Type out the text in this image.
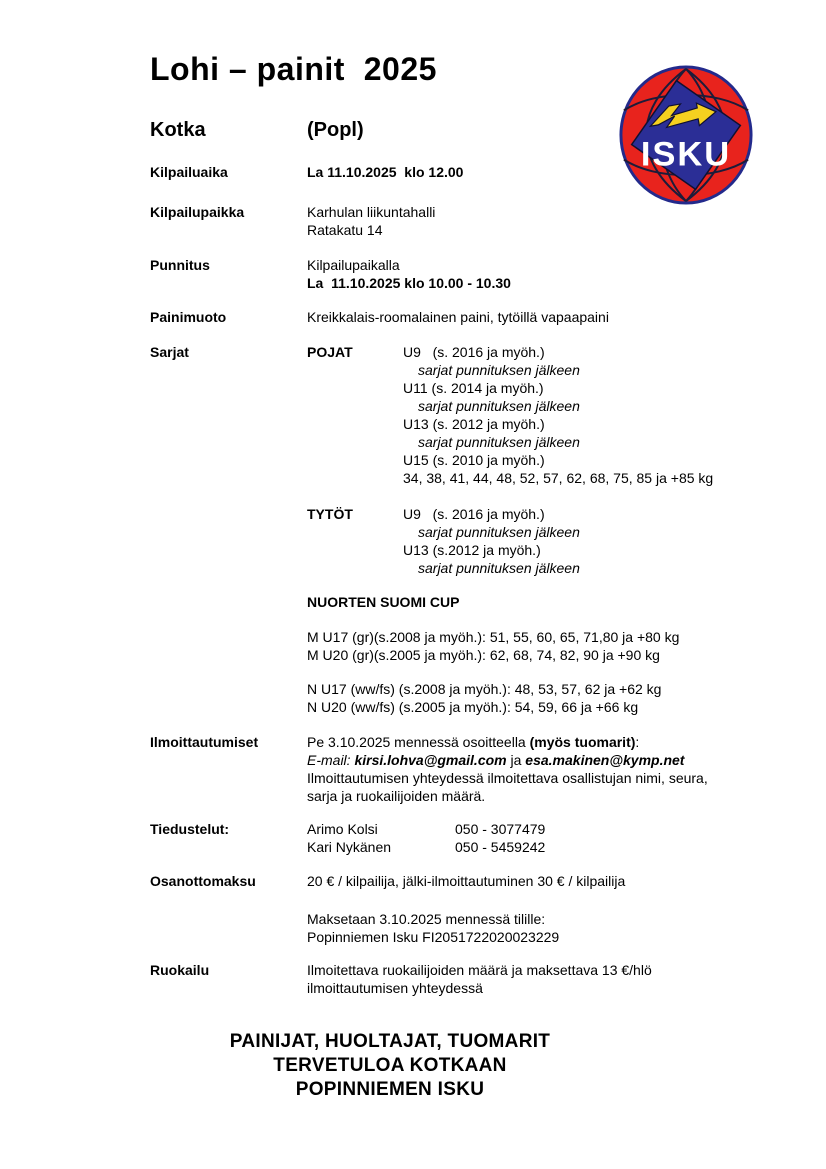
Lohi – painit  2025
ISKU
Kotka	(Popl)
Kilpailuaika	La 11.10.2025  klo 12.00
Kilpailupaikka	Karhulan liikuntahalli
Ratakatu 14
Punnitus	Kilpailupaikalla
La  11.10.2025 klo 10.00 - 10.30
Painimuoto	Kreikkalais-roomalainen paini, tytöillä vapaapaini
Sarjat	POJAT	U9   (s. 2016 ja myöh.)
sarjat punnituksen jälkeen
U11 (s. 2014 ja myöh.)
sarjat punnituksen jälkeen
U13 (s. 2012 ja myöh.)
sarjat punnituksen jälkeen
U15 (s. 2010 ja myöh.)
34, 38, 41, 44, 48, 52, 57, 62, 68, 75, 85 ja +85 kg
TYTÖT	U9   (s. 2016 ja myöh.)
sarjat punnituksen jälkeen
U13 (s.2012 ja myöh.)
sarjat punnituksen jälkeen
NUORTEN SUOMI CUP
M U17 (gr)(s.2008 ja myöh.): 51, 55, 60, 65, 71,80 ja +80 kg
M U20 (gr)(s.2005 ja myöh.): 62, 68, 74, 82, 90 ja +90 kg
N U17 (ww/fs) (s.2008 ja myöh.): 48, 53, 57, 62 ja +62 kg
N U20 (ww/fs) (s.2005 ja myöh.): 54, 59, 66 ja +66 kg
Ilmoittautumiset	Pe 3.10.2025 mennessä osoitteella (myös tuomarit):
E-mail: kirsi.lohva@gmail.com ja esa.makinen@kymp.net
Ilmoittautumisen yhteydessä ilmoitettava osallistujan nimi, seura,
sarja ja ruokailijoiden määrä.
Tiedustelut:	Arimo Kolsi	050 - 3077479
Kari Nykänen	050 - 5459242
Osanottomaksu	20 € / kilpailija, jälki-ilmoittautuminen 30 € / kilpailija
Maksetaan 3.10.2025 mennessä tilille:
Popinniemen Isku FI2051722020023229
Ruokailu	Ilmoitettava ruokailijoiden määrä ja maksettava 13 €/hlö
ilmoittautumisen yhteydessä
PAINIJAT, HUOLTAJAT, TUOMARIT
TERVETULOA KOTKAAN
POPINNIEMEN ISKU
